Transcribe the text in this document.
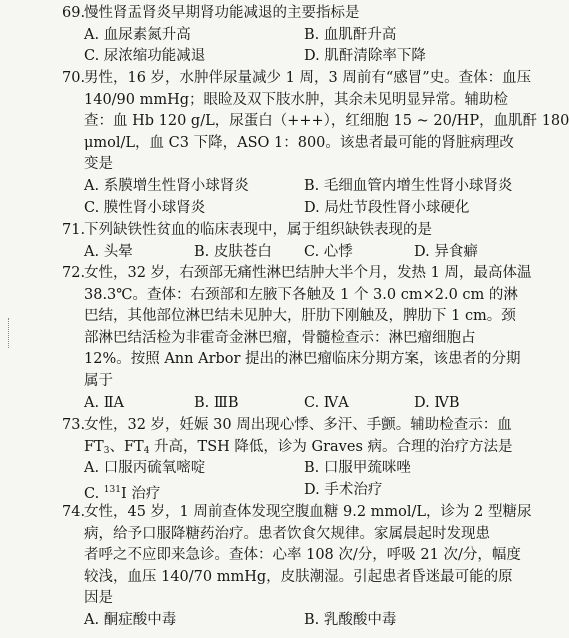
69.
慢性肾盂肾炎早期肾功能减退的主要指标是
A. 血尿素氮升高	B. 血肌酐升高
C. 尿浓缩功能减退	D. 肌酐清除率下降
70.
男性，16 岁，水肿伴尿量减少 1 周，3 周前有“感冒”史。查体：血压
140/90 mmHg；眼睑及双下肢水肿，其余未见明显异常。辅助检
查：血 Hb 120 g/L，尿蛋白（+++），红细胞 15 ~ 20/HP，血肌酐 180
μmol/L，血 C3 下降，ASO 1：800。该患者最可能的肾脏病理改
变是
A. 系膜增生性肾小球肾炎	B. 毛细血管内增生性肾小球肾炎
C. 膜性肾小球肾炎	D. 局灶节段性肾小球硬化
71.
下列缺铁性贫血的临床表现中，属于组织缺铁表现的是
A. 头晕	B. 皮肤苍白	C. 心悸	D. 异食癖
72.
女性，32 岁，右颈部无痛性淋巴结肿大半个月，发热 1 周，最高体温
38.3℃。查体：右颈部和左腋下各触及 1 个 3.0 cm×2.0 cm 的淋
巴结，其他部位淋巴结未见肿大，肝肋下刚触及，脾肋下 1 cm。颈
部淋巴结活检为非霍奇金淋巴瘤，骨髓检查示：淋巴瘤细胞占
12%。按照 Ann Arbor 提出的淋巴瘤临床分期方案，该患者的分期
属于
A. ⅡA	B. ⅢB	C. ⅣA	D. ⅣB
73.
女性，32 岁，妊娠 30 周出现心悸、多汗、手颤。辅助检查示：血
$FT_3$、$FT_4$ 升高，TSH 降低，诊为 Graves 病。合理的治疗方法是
A. 口服丙硫氧嘧啶	B. 口服甲巯咪唑
C. $^{131}$I 治疗	D. 手术治疗
74.
女性，45 岁，1 周前查体发现空腹血糖 9.2 mmol/L，诊为 2 型糖尿
病，给予口服降糖药治疗。患者饮食欠规律。家属晨起时发现患
者呼之不应即来急诊。查体：心率 108 次/分，呼吸 21 次/分，幅度
较浅，血压 140/70 mmHg，皮肤潮湿。引起患者昏迷最可能的原
因是
A. 酮症酸中毒	B. 乳酸酸中毒
